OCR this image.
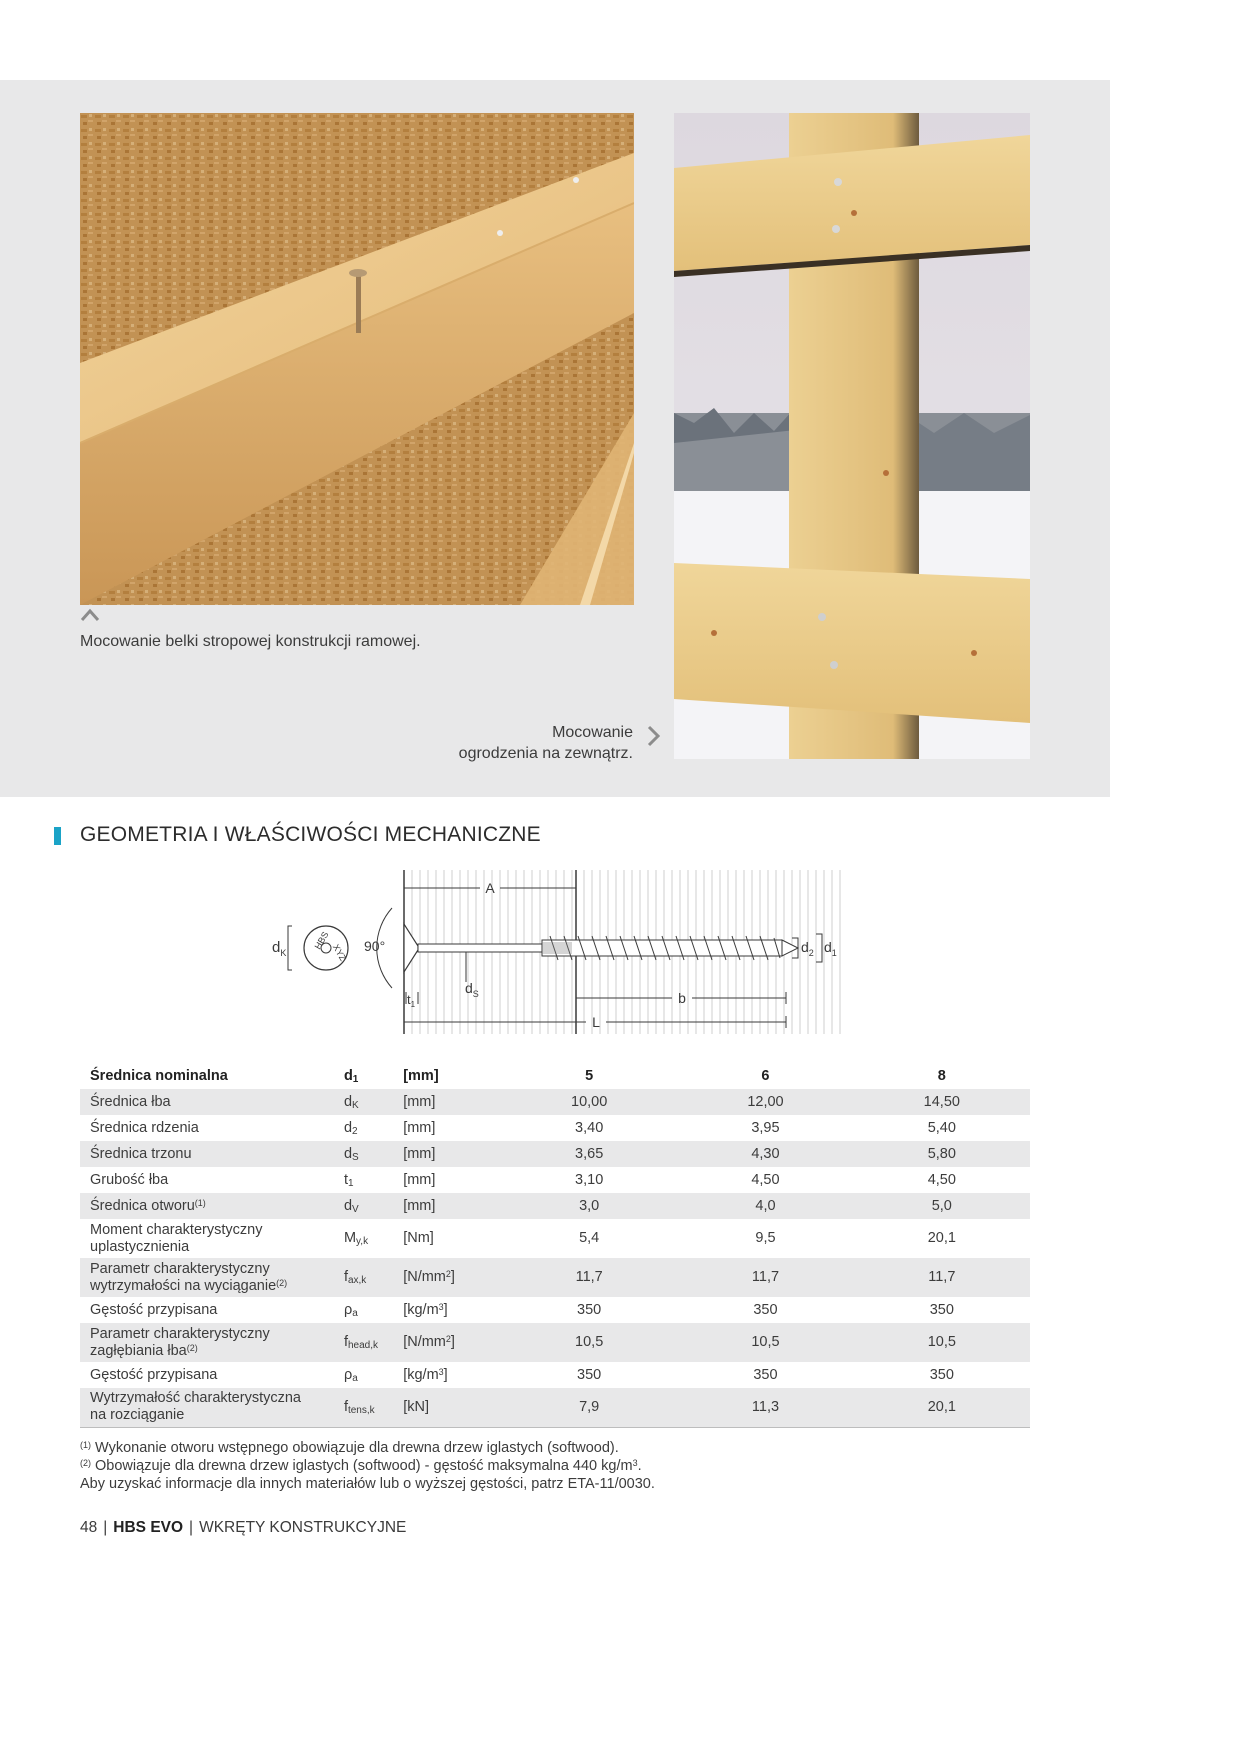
Mocowanie belki stropowej konstrukcji ramowej.
Mocowanie
ogrodzenia na zewnątrz.
GEOMETRIA I WŁAŚCIWOŚCI MECHANICZNE
A
HBS
XYZ
$d_K$	90°	$d_2$ $d_1$
$d_S$
$t_1$	b
L
Średnica nominalna	$d_1$	[mm]	5	6	8
Średnica łba	$d_K$	[mm]	10,00	12,00	14,50
Średnica rdzenia	$d_2$	[mm]	3,40	3,95	5,40
Średnica trzonu	$d_S$	[mm]	3,65	4,30	5,80
Grubość łba	$t_1$	[mm]	3,10	4,50	4,50
Średnica otworu$^{(1)}$	$d_V$	[mm]	3,0	4,0	5,0
Moment charakterystyczny
uplastycznienia	$M_{y,k}$	[Nm]	5,4	9,5	20,1
Parametr charakterystyczny
wytrzymałości na wyciąganie$^{(2)}$	$f_{ax,k}$	$[N/mm^2]$	11,7	11,7	11,7
Gęstość przypisana	$\rho_a$	$[kg/m^3]$	350	350	350
Parametr charakterystyczny
zagłębiania łba$^{(2)}$	$f_{head,k}$	$[N/mm^2]$	10,5	10,5	10,5
Gęstość przypisana	$\rho_a$	$[kg/m^3]$	350	350	350
Wytrzymałość charakterystyczna
na rozciąganie	$f_{tens,k}$	[kN]	7,9	11,3	20,1
$^{(1)}$ Wykonanie otworu wstępnego obowiązuje dla drewna drzew iglastych (softwood).
$^{(2)}$ Obowiązuje dla drewna drzew iglastych (softwood) - gęstość maksymalna 440 $kg/m^3$.
Aby uzyskać informacje dla innych materiałów lub o wyższej gęstości, patrz ETA-11/0030.
48 | HBS EVO | WKRĘTY KONSTRUKCYJNE
